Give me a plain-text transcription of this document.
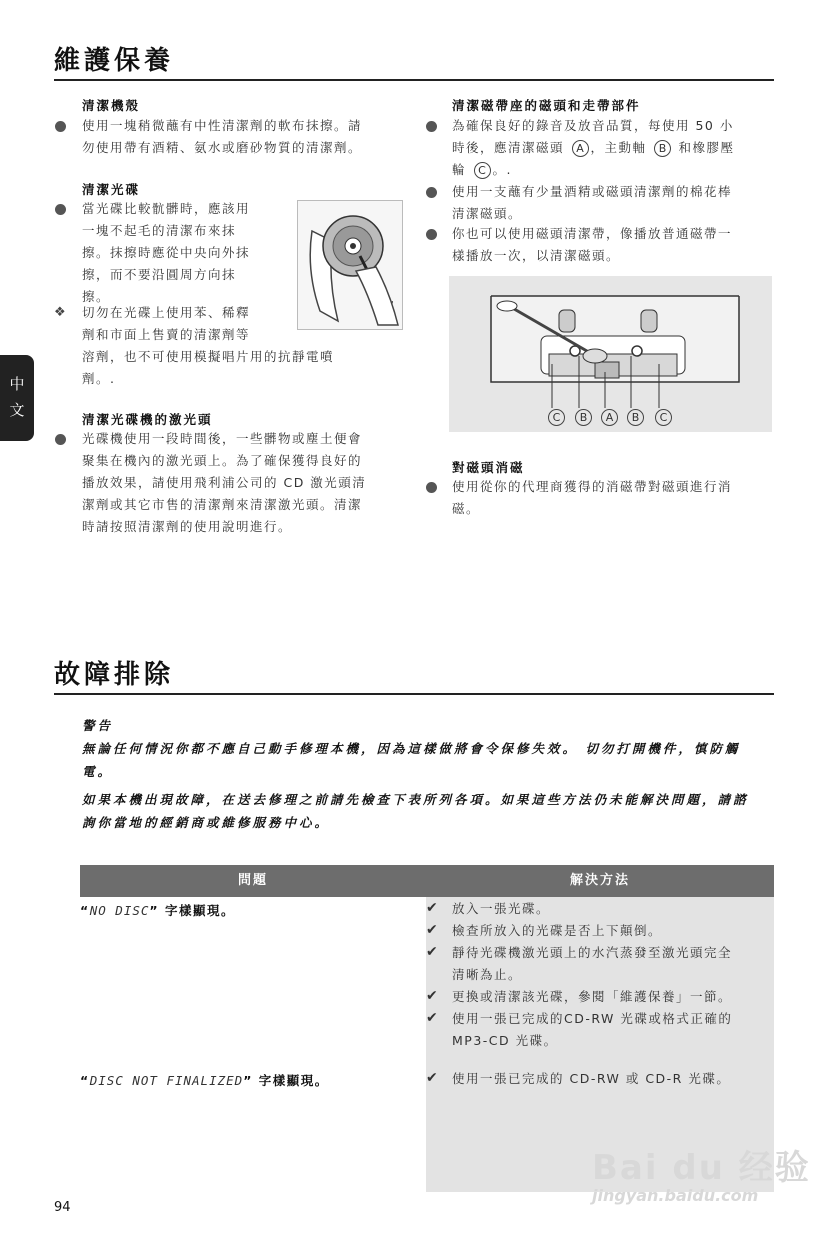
維護保養
清潔機殼
使用一塊稍微蘸有中性清潔劑的軟布抹擦。請
勿使用帶有酒精、氨水或磨砂物質的清潔劑。
清潔光碟
當光碟比較骯髒時，應該用
一塊不起毛的清潔布來抹
擦。抹擦時應從中央向外抹
擦，而不要沿圓周方向抹
擦。
❖ 切勿在光碟上使用苯、稀釋
劑和市面上售賣的清潔劑等
溶劑，也不可使用模擬唱片用的抗靜電噴
劑。.
清潔光碟機的激光頭
光碟機使用一段時間後，一些髒物或塵土便會
聚集在機內的激光頭上。為了確保獲得良好的
播放效果，請使用飛利浦公司的 CD 激光頭清
潔劑或其它市售的清潔劑來清潔激光頭。清潔
時請按照清潔劑的使用說明進行。
清潔磁帶座的磁頭和走帶部件
為確保良好的錄音及放音品質，每使用 50 小
時後，應清潔磁頭 A ，主動軸 B 和橡膠壓
輪 C 。.
使用一支蘸有少量酒精或磁頭清潔劑的棉花棒
清潔磁頭。
你也可以使用磁頭清潔帶，像播放普通磁帶一
樣播放一次，以清潔磁頭。
C	B	A	B	C
對磁頭消磁
使用從你的代理商獲得的消磁帶對磁頭進行消
磁。
中
文
故障排除
警告
無論任何情況你都不應自己動手修理本機，因為這樣做將會令保修失效。 切勿打開機件，慎防觸
電。
如果本機出現故障，在送去修理之前請先檢查下表所列各項。如果這些方法仍未能解決問題，請諮
詢你當地的經銷商或維修服務中心。
問題	解決方法
“NO DISC” 字樣顯現。	✔ 放入一張光碟。
✔ 檢查所放入的光碟是否上下顛倒。
✔ 靜待光碟機激光頭上的水汽蒸發至激光頭完全
清晰為止。
✔ 更換或清潔該光碟，參閱「維護保養」一節。
✔ 使用一張已完成的CD-RW 光碟或格式正確的
MP3-CD 光碟。
“DISC NOT FINALIZED” 字樣顯現。	✔ 使用一張已完成的 CD-RW 或 CD-R 光碟。
Bai du 经验
jingyan.baidu.com
94
